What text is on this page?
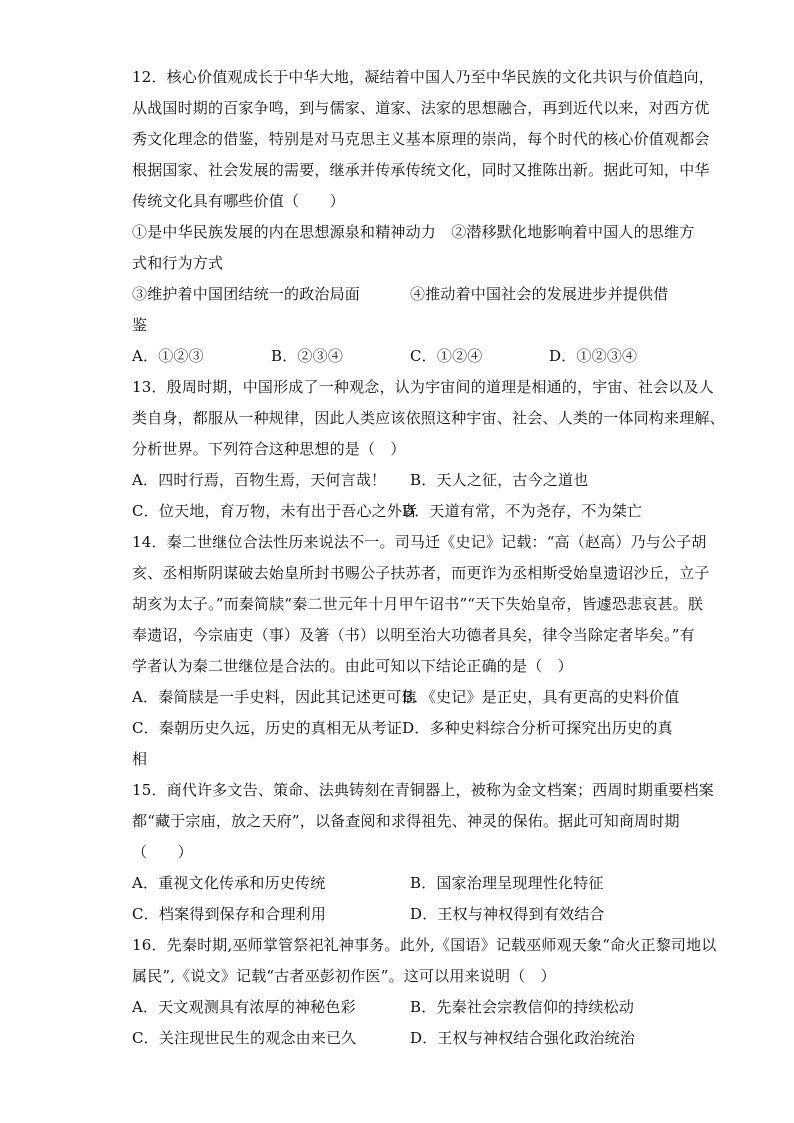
12．核心价值观成长于中华大地，凝结着中国人乃至中华民族的文化共识与价值趋向，
从战国时期的百家争鸣，到与儒家、道家、法家的思想融合，再到近代以来，对西方优
秀文化理念的借鉴，特别是对马克思主义基本原理的崇尚，每个时代的核心价值观都会
根据国家、社会发展的需要，继承并传承传统文化，同时又推陈出新。据此可知，中华
传统文化具有哪些价值（　　）
①是中华民族发展的内在思想源泉和精神动力　②潜移默化地影响着中国人的思维方
式和行为方式
③维护着中国团结统一的政治局面	④推动着中国社会的发展进步并提供借
鉴
A．①②③	B．②③④	C．①②④	D．①②③④
13．殷周时期，中国形成了一种观念，认为宇宙间的道理是相通的，宇宙、社会以及人
类自身，都服从一种规律，因此人类应该依照这种宇宙、社会、人类的一体同构来理解、
分析世界。下列符合这种思想的是（　）
A．四时行焉，百物生焉，天何言哉！	B．天人之征，古今之道也
C．位天地，育万物，未有出于吾心之外者
D．天道有常，不为尧存，不为桀亡
14．秦二世继位合法性历来说法不一。司马迁《史记》记载：“高（赵高）乃与公子胡
亥、丞相斯阴谋破去始皇所封书赐公子扶苏者，而更诈为丞相斯受始皇遗诏沙丘，立子
胡亥为太子。”而秦简牍“秦二世元年十月甲午诏书”“天下失始皇帝，皆遽恐悲哀甚。朕
奉遗诏，今宗庙吏（事）及箸（书）以明至治大功德者具矣，律令当除定者毕矣。”有
学者认为秦二世继位是合法的。由此可知以下结论正确的是（　）
A．秦简牍是一手史料，因此其记述更可信
B．《史记》是正史，具有更高的史料价值
C．秦朝历史久远，历史的真相无从考证 D．多种史料综合分析可探究出历史的真
相
15．商代许多文告、策命、法典铸刻在青铜器上，被称为金文档案；西周时期重要档案
都“藏于宗庙，放之天府”，以备查阅和求得祖先、神灵的保佑。据此可知商周时期
（　　）
A．重视文化传承和历史传统	B．国家治理呈现理性化特征
C．档案得到保存和合理利用	D．王权与神权得到有效结合
16．先秦时期,巫师掌管祭祀礼神事务。此外,《国语》记载巫师观天象“命火正黎司地以
属民”,《说文》记载“古者巫彭初作医”。这可以用来说明（　）
A．天文观测具有浓厚的神秘色彩	B．先秦社会宗教信仰的持续松动
C．关注现世民生的观念由来已久	D．王权与神权结合强化政治统治
